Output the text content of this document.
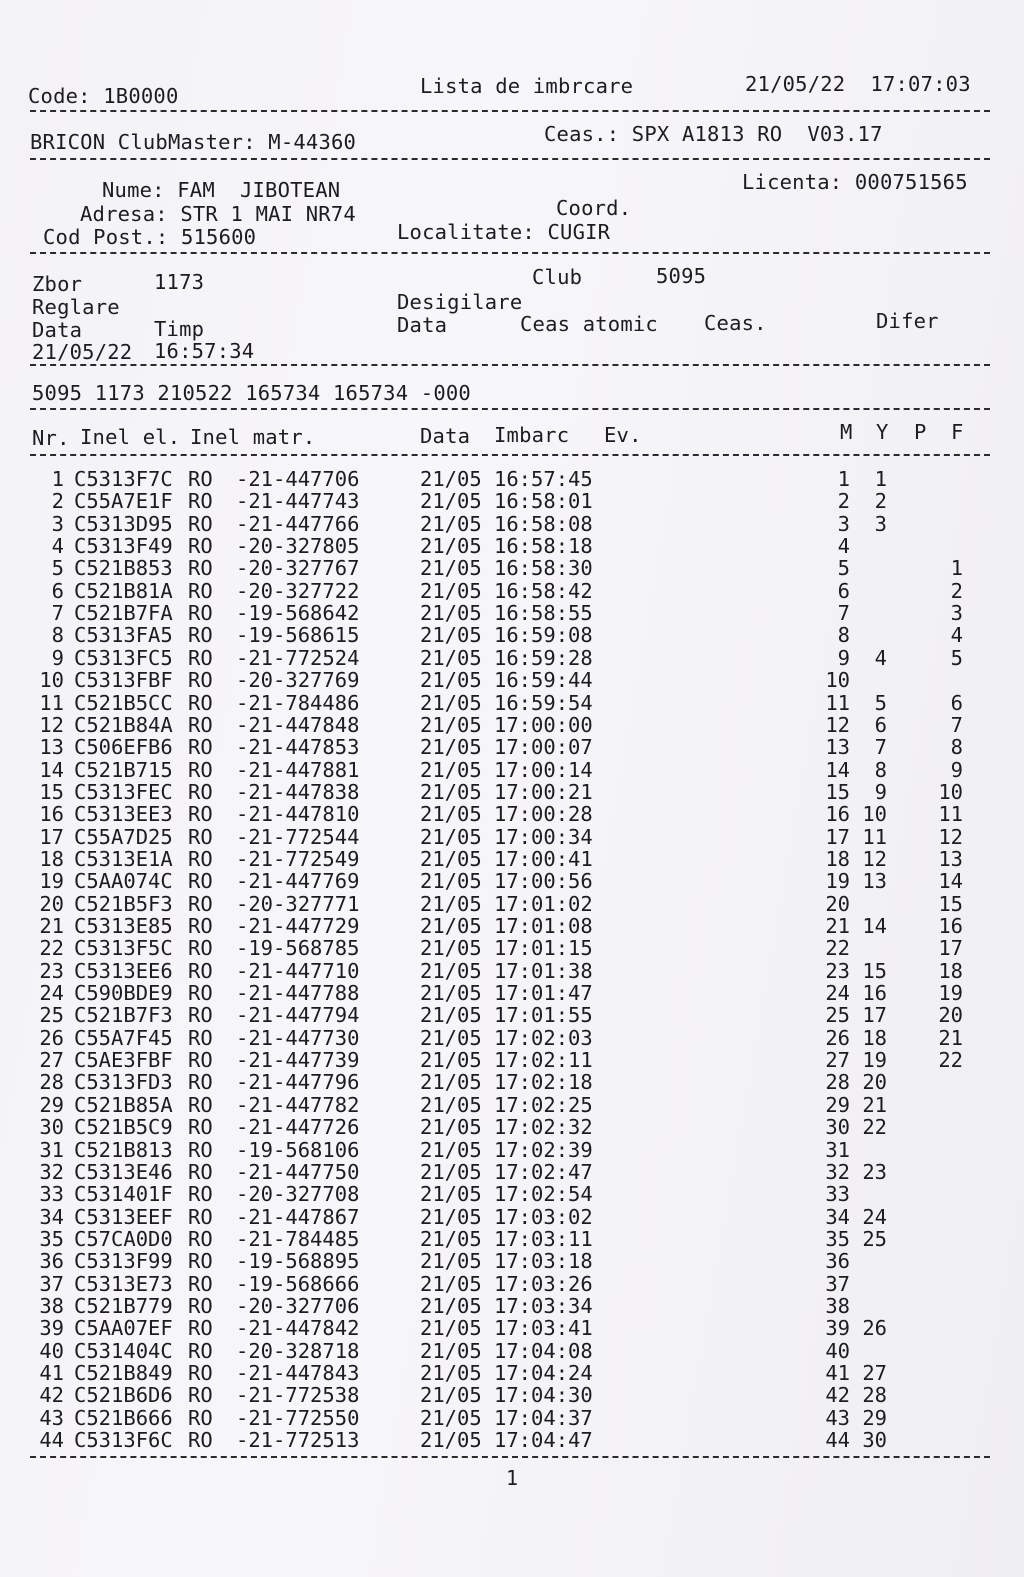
Code: 1B0000	Lista de imbrcare	21/05/22  17:07:03
BRICON ClubMaster: M-44360	Ceas.: SPX A1813 RO  V03.17
Nume: FAM  JIBOTEAN	Licenta: 000751565
Adresa: STR 1 MAI NR74	Coord.
Cod Post.: 515600	Localitate: CUGIR
Zbor	1173	Club	5095
Reglare	Desigilare
Data	Timp	Data	Ceas atomic Ceas.	Difer
21/05/22 16:57:34
5095 1173 210522 165734 165734 -000
Nr. Inel el. Inel matr.	Data Imbarc Ev.	M Y P F
1 C5313F7C RO -21-447706	21/05 16:57:45	1 1
2 C55A7E1F RO -21-447743	21/05 16:58:01	2 2
3 C5313D95 RO -21-447766	21/05 16:58:08	3 3
4 C5313F49 RO -20-327805	21/05 16:58:18	4
5 C521B853 RO -20-327767	21/05 16:58:30	5	1
6 C521B81A RO -20-327722	21/05 16:58:42	6	2
7 C521B7FA RO -19-568642	21/05 16:58:55	7	3
8 C5313FA5 RO -19-568615	21/05 16:59:08	8	4
9 C5313FC5 RO -21-772524	21/05 16:59:28	9 4	5
10 C5313FBF RO -20-327769	21/05 16:59:44	10
11 C521B5CC RO -21-784486	21/05 16:59:54	11 5	6
12 C521B84A RO -21-447848	21/05 17:00:00	12 6	7
13 C506EFB6 RO -21-447853	21/05 17:00:07	13 7	8
14 C521B715 RO -21-447881	21/05 17:00:14	14 8	9
15 C5313FEC RO -21-447838	21/05 17:00:21	15 9	10
16 C5313EE3 RO -21-447810	21/05 17:00:28	16 10	11
17 C55A7D25 RO -21-772544	21/05 17:00:34	17 11	12
18 C5313E1A RO -21-772549	21/05 17:00:41	18 12	13
19 C5AA074C RO -21-447769	21/05 17:00:56	19 13	14
20 C521B5F3 RO -20-327771	21/05 17:01:02	20	15
21 C5313E85 RO -21-447729	21/05 17:01:08	21 14	16
22 C5313F5C RO -19-568785	21/05 17:01:15	22	17
23 C5313EE6 RO -21-447710	21/05 17:01:38	23 15	18
24 C590BDE9 RO -21-447788	21/05 17:01:47	24 16	19
25 C521B7F3 RO -21-447794	21/05 17:01:55	25 17	20
26 C55A7F45 RO -21-447730	21/05 17:02:03	26 18	21
27 C5AE3FBF RO -21-447739	21/05 17:02:11	27 19	22
28 C5313FD3 RO -21-447796	21/05 17:02:18	28 20
29 C521B85A RO -21-447782	21/05 17:02:25	29 21
30 C521B5C9 RO -21-447726	21/05 17:02:32	30 22
31 C521B813 RO -19-568106	21/05 17:02:39	31
32 C5313E46 RO -21-447750	21/05 17:02:47	32 23
33 C531401F RO -20-327708	21/05 17:02:54	33
34 C5313EEF RO -21-447867	21/05 17:03:02	34 24
35 C57CA0D0 RO -21-784485	21/05 17:03:11	35 25
36 C5313F99 RO -19-568895	21/05 17:03:18	36
37 C5313E73 RO -19-568666	21/05 17:03:26	37
38 C521B779 RO -20-327706	21/05 17:03:34	38
39 C5AA07EF RO -21-447842	21/05 17:03:41	39 26
40 C531404C RO -20-328718	21/05 17:04:08	40
41 C521B849 RO -21-447843	21/05 17:04:24	41 27
42 C521B6D6 RO -21-772538	21/05 17:04:30	42 28
43 C521B666 RO -21-772550	21/05 17:04:37	43 29
44 C5313F6C RO -21-772513	21/05 17:04:47	44 30
1
